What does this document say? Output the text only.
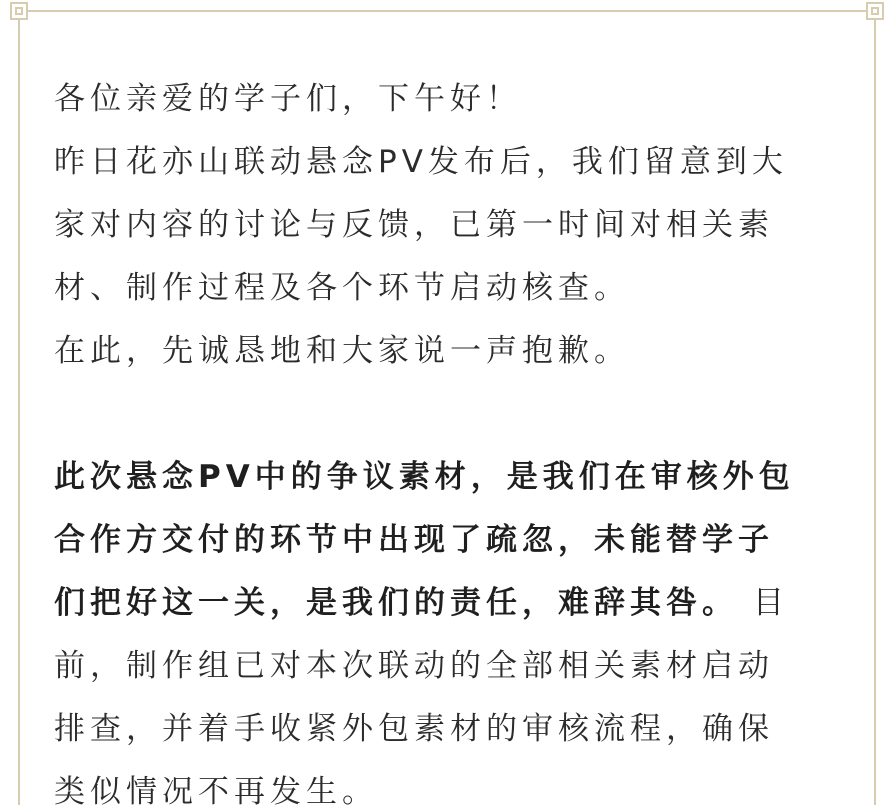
各位亲爱的学子们，下午好！
昨日花亦山联动悬念PV发布后，我们留意到大
家对内容的讨论与反馈，已第一时间对相关素
材、制作过程及各个环节启动核查。
在此，先诚恳地和大家说一声抱歉。
此次悬念PV中的争议素材，是我们在审核外包
合作方交付的环节中出现了疏忽，未能替学子
们把好这一关，是我们的责任，难辞其咎。 目
前，制作组已对本次联动的全部相关素材启动
排查，并着手收紧外包素材的审核流程，确保
类似情况不再发生。
